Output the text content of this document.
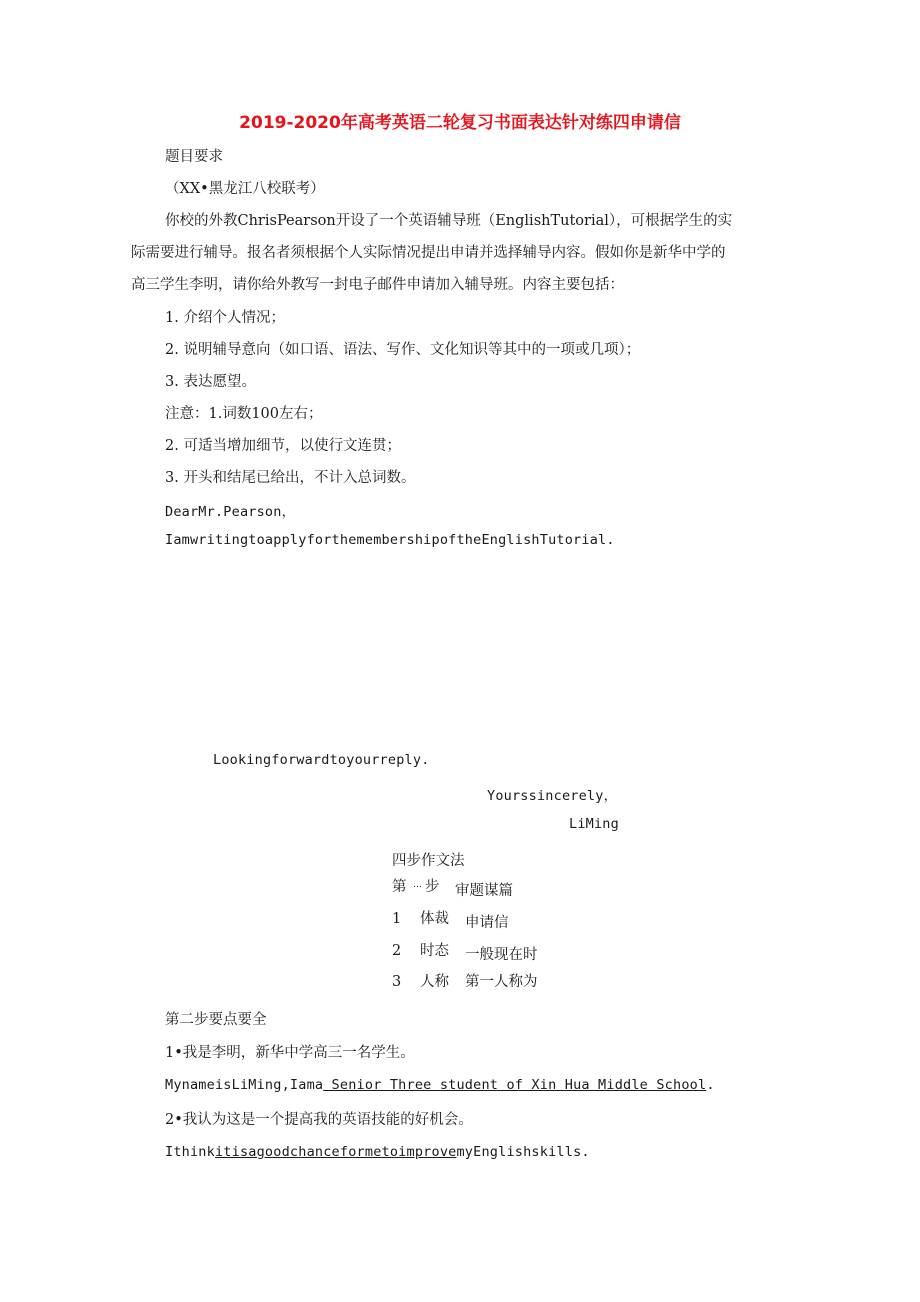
2019-2020年高考英语二轮复习书面表达针对练四申请信
题目要求
（XX•黑龙江八校联考）
你校的外教ChrisPearson开设了一个英语辅导班（EnglishTutorial），可根据学生的实
际需要进行辅导。报名者须根据个人实际情况提出申请并选择辅导内容。假如你是新华中学的
高三学生李明，请你给外教写一封电子邮件申请加入辅导班。内容主要包括：
1. 介绍个人情况；
2. 说明辅导意向（如口语、语法、写作、文化知识等其中的一项或几项）；
3. 表达愿望。
注意：1.词数100左右；
2. 可适当增加细节，以使行文连贯；
3. 开头和结尾已给出，不计入总词数。
DearMr.Pearson，
IamwritingtoapplyforthemembershipoftheEnglishTutorial.
Lookingforwardtoyourreply.
Yourssincerely，
LiMing
四步作文法
第 … 步 审题谋篇
1 体裁 申请信
2 时态 一般现在时
3 人称 第一人称为
第二步要点要全
1•我是李明，新华中学高三一名学生。
MynameisLiMing,Iama Senior Three student of Xin Hua Middle School.
2•我认为这是一个提高我的英语技能的好机会。
IthinkitisagoodchanceformetoimprovemyEnglishskills.
